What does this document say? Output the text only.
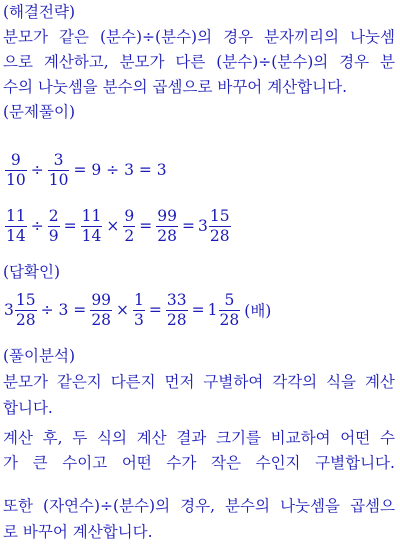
(해결전략)
분모가 같은 (분수)÷(분수)의 경우 분자끼리의 나눗셈
으로 계산하고, 분모가 다른 (분수)÷(분수)의 경우 분
수의 나눗셈을 분수의 곱셈으로 바꾸어 계산합니다.
(문제풀이)
$\frac{9}{10} \div \frac{3}{10} = 9 \div 3 = 3$
$\frac{11}{14} \div \frac{2}{9} = \frac{11}{14} \times \frac{9}{2} = \frac{99}{28} = 3 \frac{15}{28}$
(답확인)
$3 \frac{15}{28} \div 3 = \frac{99}{28} \times \frac{1}{3} = \frac{33}{28} = 1 \frac{5}{28}$ (배)
(풀이분석)
분모가 같은지 다른지 먼저 구별하여 각각의 식을 계산
합니다.
계산 후, 두 식의 계산 결과 크기를 비교하여 어떤 수
가 큰 수이고 어떤 수가 작은 수인지 구별합니다.
또한 (자연수)÷(분수)의 경우, 분수의 나눗셈을 곱셈으
로 바꾸어 계산합니다.
